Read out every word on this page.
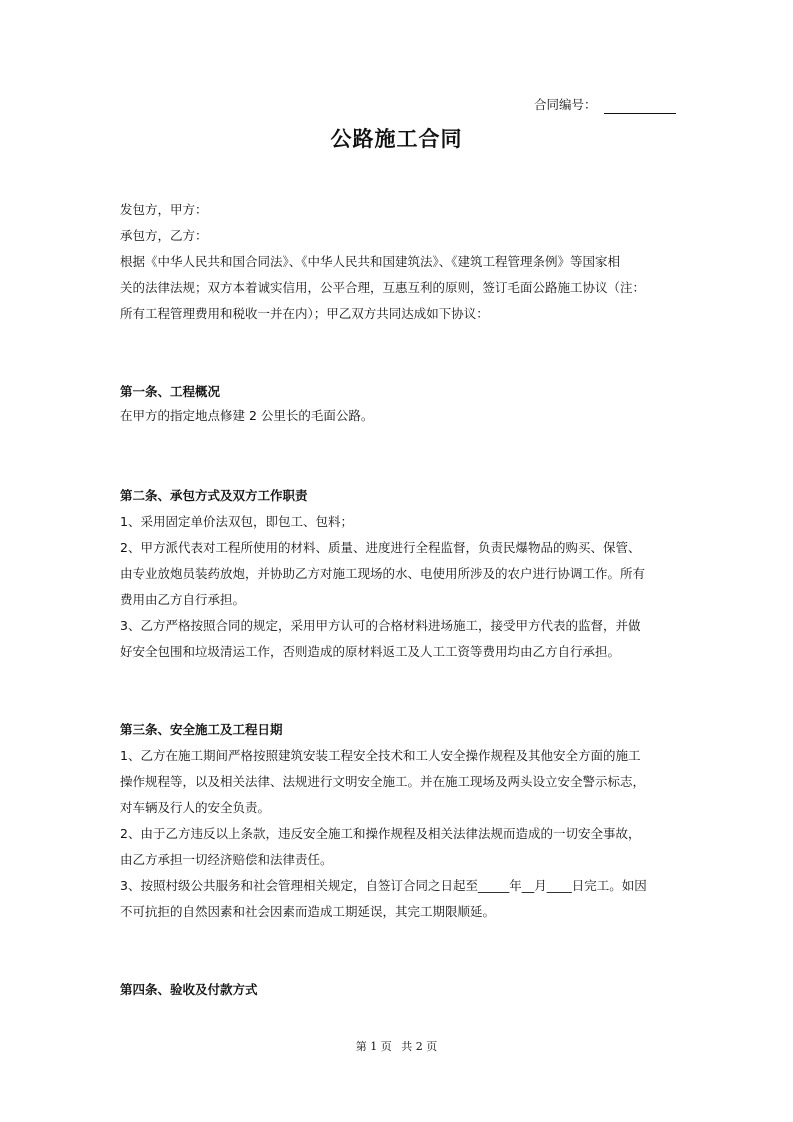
合同编号：
公路施工合同
发包方，甲方：
承包方，乙方：
根据《中华人民共和国合同法》、《中华人民共和国建筑法》、《建筑工程管理条例》等国家相
关的法律法规；双方本着诚实信用，公平合理，互惠互利的原则，签订毛面公路施工协议（注：
所有工程管理费用和税收一并在内）；甲乙双方共同达成如下协议：
第一条、工程概况
在甲方的指定地点修建 2 公里长的毛面公路。
第二条、承包方式及双方工作职责
1、采用固定单价法双包，即包工、包料；
2、甲方派代表对工程所使用的材料、质量、进度进行全程监督，负责民爆物品的购买、保管、
由专业放炮员装药放炮，并协助乙方对施工现场的水、电使用所涉及的农户进行协调工作。所有
费用由乙方自行承担。
3、乙方严格按照合同的规定，采用甲方认可的合格材料进场施工，接受甲方代表的监督，并做
好安全包围和垃圾清运工作，否则造成的原材料返工及人工工资等费用均由乙方自行承担。
第三条、安全施工及工程日期
1、乙方在施工期间严格按照建筑安装工程安全技术和工人安全操作规程及其他安全方面的施工
操作规程等，以及相关法律、法规进行文明安全施工。并在施工现场及两头设立安全警示标志，
对车辆及行人的安全负责。
2、由于乙方违反以上条款，违反安全施工和操作规程及相关法律法规而造成的一切安全事故，
由乙方承担一切经济赔偿和法律责任。
3、按照村级公共服务和社会管理相关规定，自签订合同之日起至_____年__月____日完工。如因
不可抗拒的自然因素和社会因素而造成工期延误，其完工期限顺延。
第四条、验收及付款方式
第 1 页 共 2 页
